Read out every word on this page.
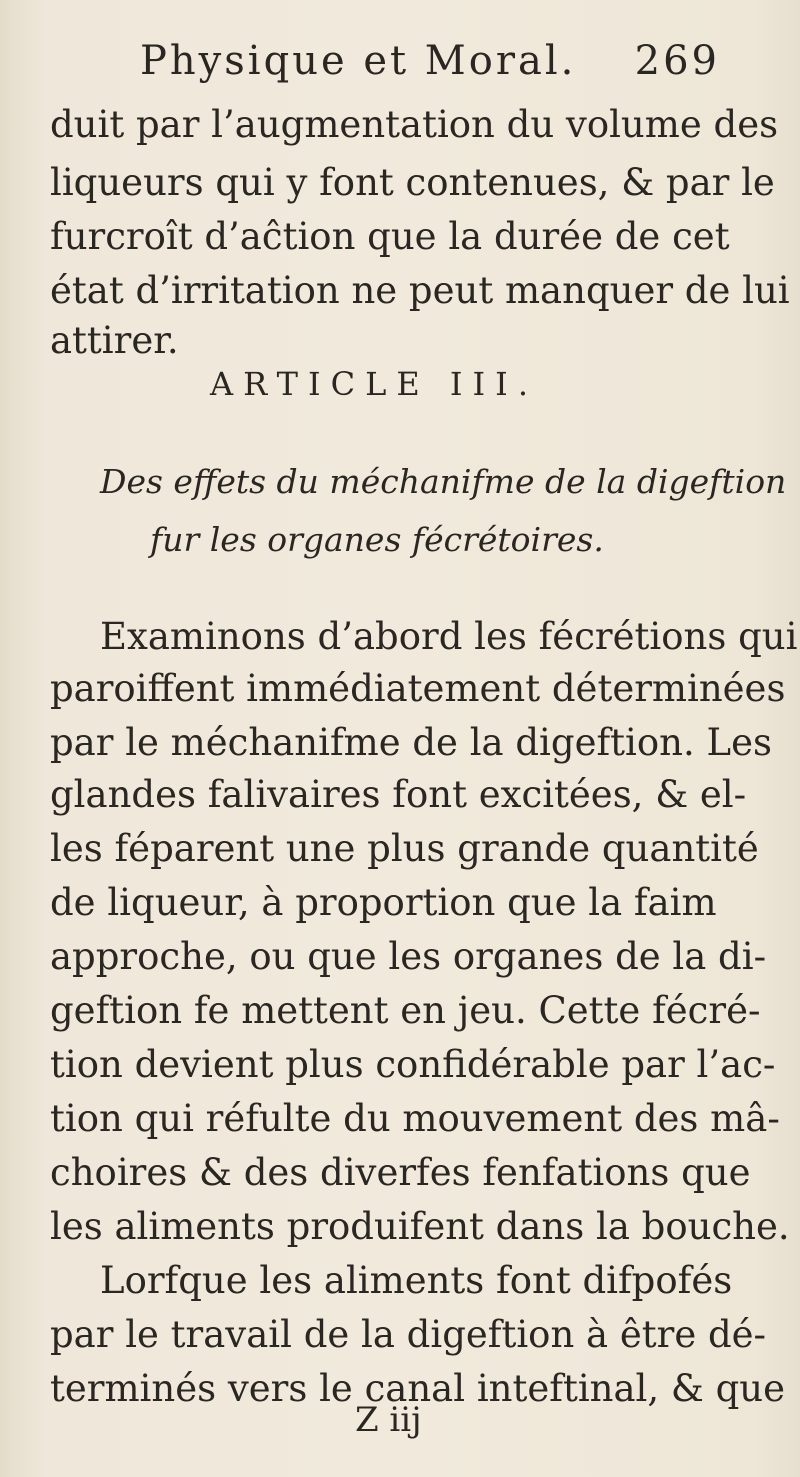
Physique et Moral. 269
duit par l’augmentation du volume des
liqueurs qui y font contenues, & par le
furcroît d’aĉtion que la durée de cet
état d’irritation ne peut manquer de lui
attirer.
ARTICLE III.
Des effets du méchanifme de la digeftion
fur les organes fécrétoires.
Examinons d’abord les fécrétions qui
paroiffent immédiatement déterminées
par le méchanifme de la digeftion. Les
glandes falivaires font excitées, & el-
les féparent une plus grande quantité
de liqueur, à proportion que la faim
approche, ou que les organes de la di-
geftion fe mettent en jeu. Cette fécré-
tion devient plus confidérable par l’ac-
tion qui réfulte du mouvement des mâ-
choires & des diverfes fenfations que
les aliments produifent dans la bouche.
Lorfque les aliments font difpofés
par le travail de la digeftion à être dé-
terminés vers le canal inteftinal, & que
Z iij
